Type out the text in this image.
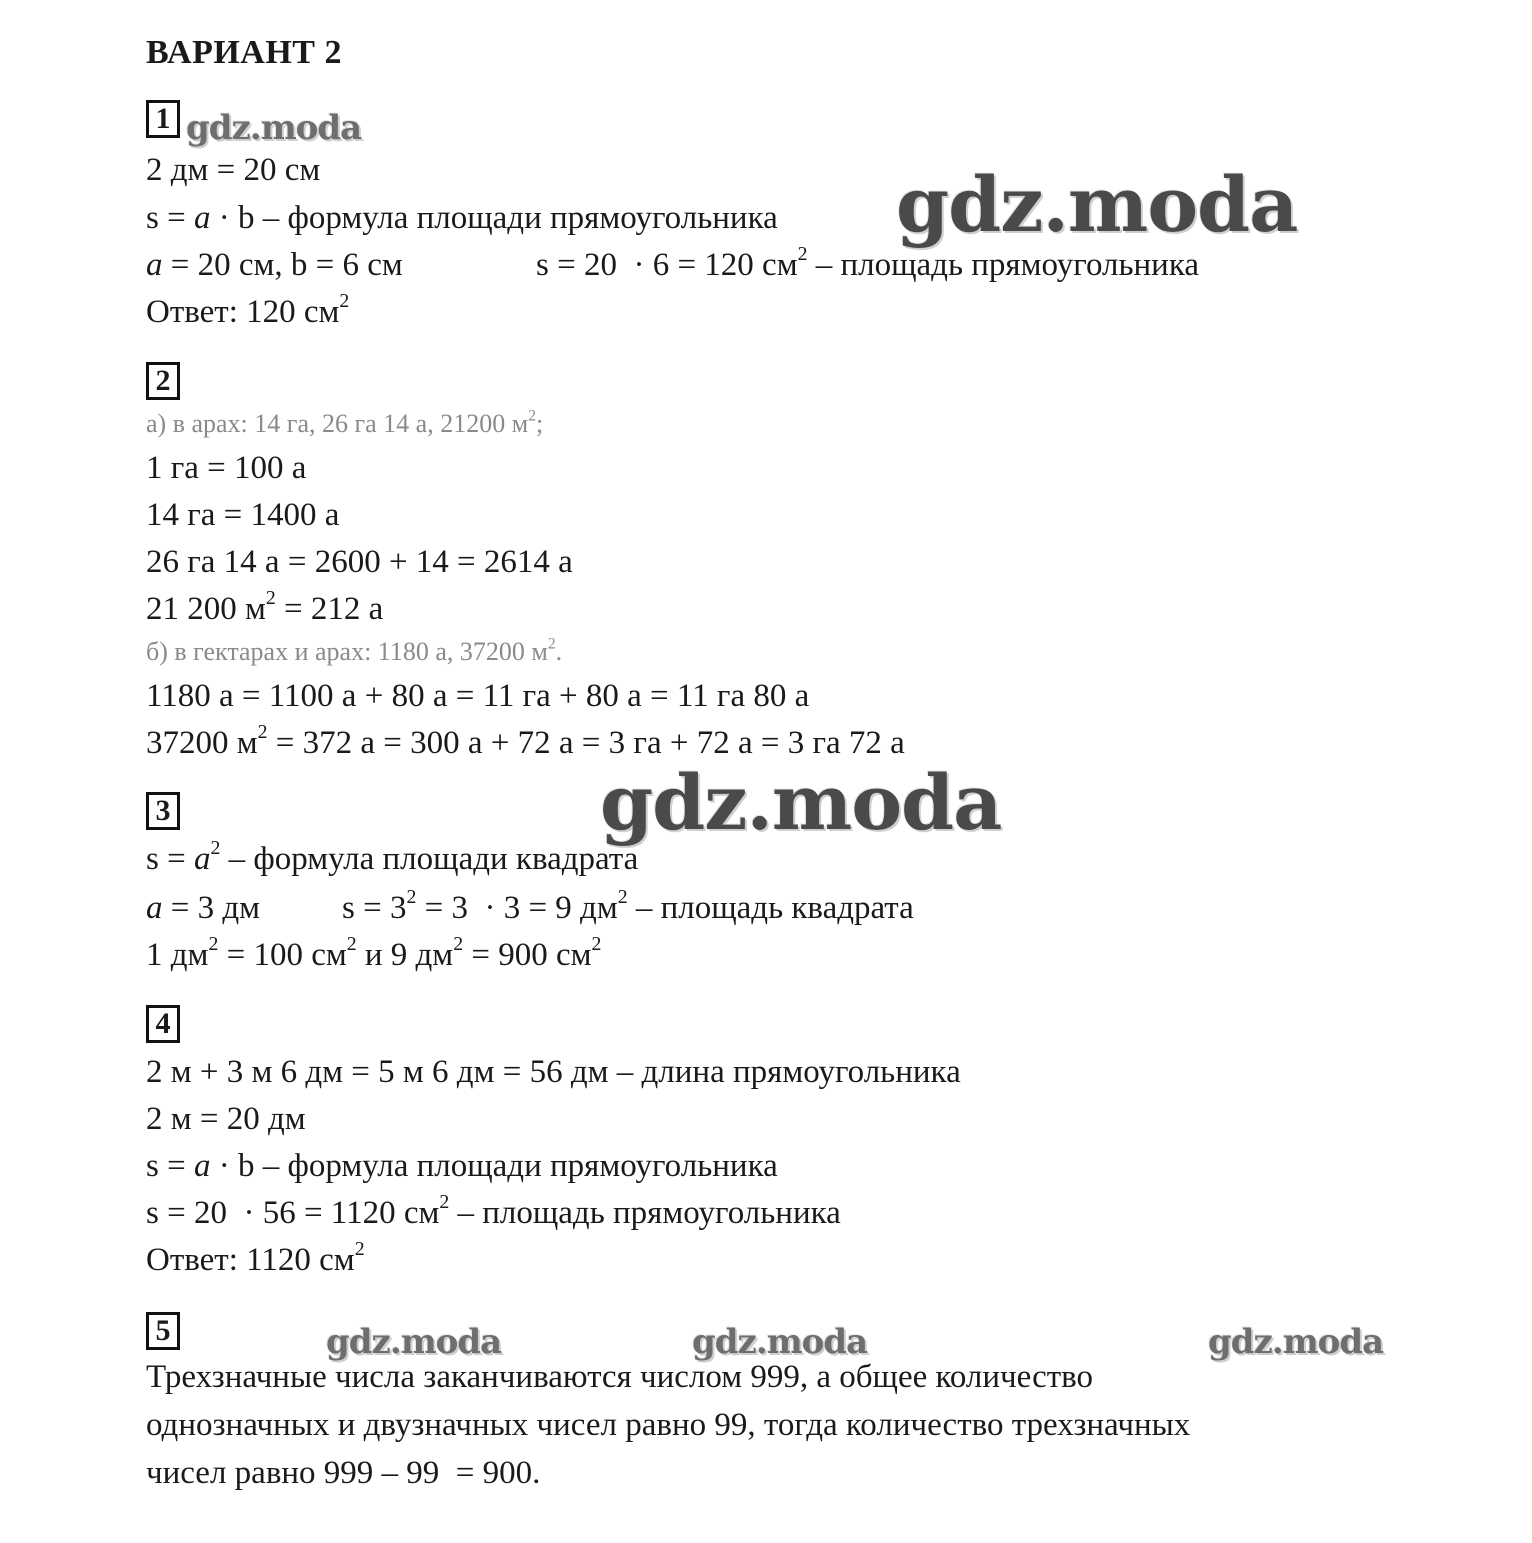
ВАРИАНТ 2
1
2 дм = 20 см
s = a · b – формула площади прямоугольника
a = 20 см, b = 6 см	s = 20  · 6 = 120 $см^2$ – площадь прямоугольника
Ответ: 120 $см^2$
2
а) в арах: 14 га, 26 га 14 а, 21200 $м^2$;
1 га = 100 а
14 га = 1400 а
26 га 14 а = 2600 + 14 = 2614 а
21 200 $м^2 = 212$ а
б) в гектарах и арах: 1180 а, 37200 $м^2$.
1180 а = 1100 а + 80 а = 11 га + 80 а = 11 га 80 а
37200 $м^2 = 372$ а = 300 а + 72 а = 3 га + 72 а = 3 га 72 а
3
$s = a^2$ – формула площади квадрата
a = 3 дм $s = 3^2 = 3 \cdot 3 = 9$ $дм^2$ – площадь квадрата
1 $дм^2 = 100$ $см^2$ и 9 $дм^2 = 900$ $см^2$
4
2 м + 3 м 6 дм = 5 м 6 дм = 56 дм – длина прямоугольника
2 м = 20 дм
s = a · b – формула площади прямоугольника
s = 20  · 56 = 1120 $см^2$ – площадь прямоугольника
Ответ: 1120 $см^2$
5
Трехзначные числа заканчиваются числом 999, а общее количество
однозначных и двузначных чисел равно 99, тогда количество трехзначных
чисел равно 999 – 99  = 900.
gdz.moda
gdz.moda
gdz.moda
gdz.moda	gdz.moda	gdz.moda
